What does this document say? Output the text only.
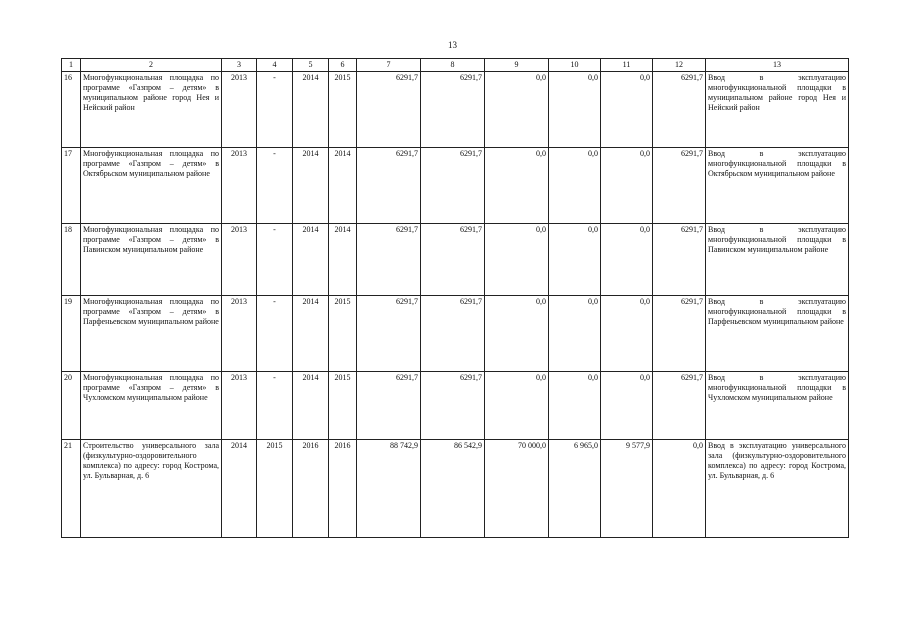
13
1	2	3	4	5	6	7	8	9	10	11	12	13
16	Многофункциональная площадка по программе «Газпром – детям» в муниципальном районе город Нея и Нейский район	2013	-	2014	2015	6291,7	6291,7	0,0	0,0	0,0	6291,7	Ввод в эксплуатацию многофункциональной площадки в муниципальном районе город Нея и Нейский район
17	Многофункциональная площадка по программе «Газпром – детям» в Октябрьском муниципальном районе	2013	-	2014	2014	6291,7	6291,7	0,0	0,0	0,0	6291,7	Ввод в эксплуатацию многофункциональной площадки в Октябрьском муниципальном районе
18	Многофункциональная площадка по программе «Газпром – детям» в Павинском муниципальном районе	2013	-	2014	2014	6291,7	6291,7	0,0	0,0	0,0	6291,7	Ввод в эксплуатацию многофункциональной площадки в Павинском муниципальном районе
19	Многофункциональная площадка по программе «Газпром – детям» в Парфеньевском муниципальном районе	2013	-	2014	2015	6291,7	6291,7	0,0	0,0	0,0	6291,7	Ввод в эксплуатацию многофункциональной площадки в Парфеньевском муниципальном районе
20	Многофункциональная площадка по программе «Газпром – детям» в Чухломском муниципальном районе	2013	-	2014	2015	6291,7	6291,7	0,0	0,0	0,0	6291,7	Ввод в эксплуатацию многофункциональной площадки в Чухломском муниципальном районе
21	Строительство универсального зала (физкультурно-оздоровительного комплекса) по адресу: город Кострома, ул. Бульварная, д. 6	2014	2015	2016	2016	88 742,9	86 542,9	70 000,0	6 965,0	9 577,9	0,0	Ввод в эксплуатацию универсального зала (физкультурно-оздоровительного комплекса) по адресу: город Кострома, ул. Бульварная, д. 6
